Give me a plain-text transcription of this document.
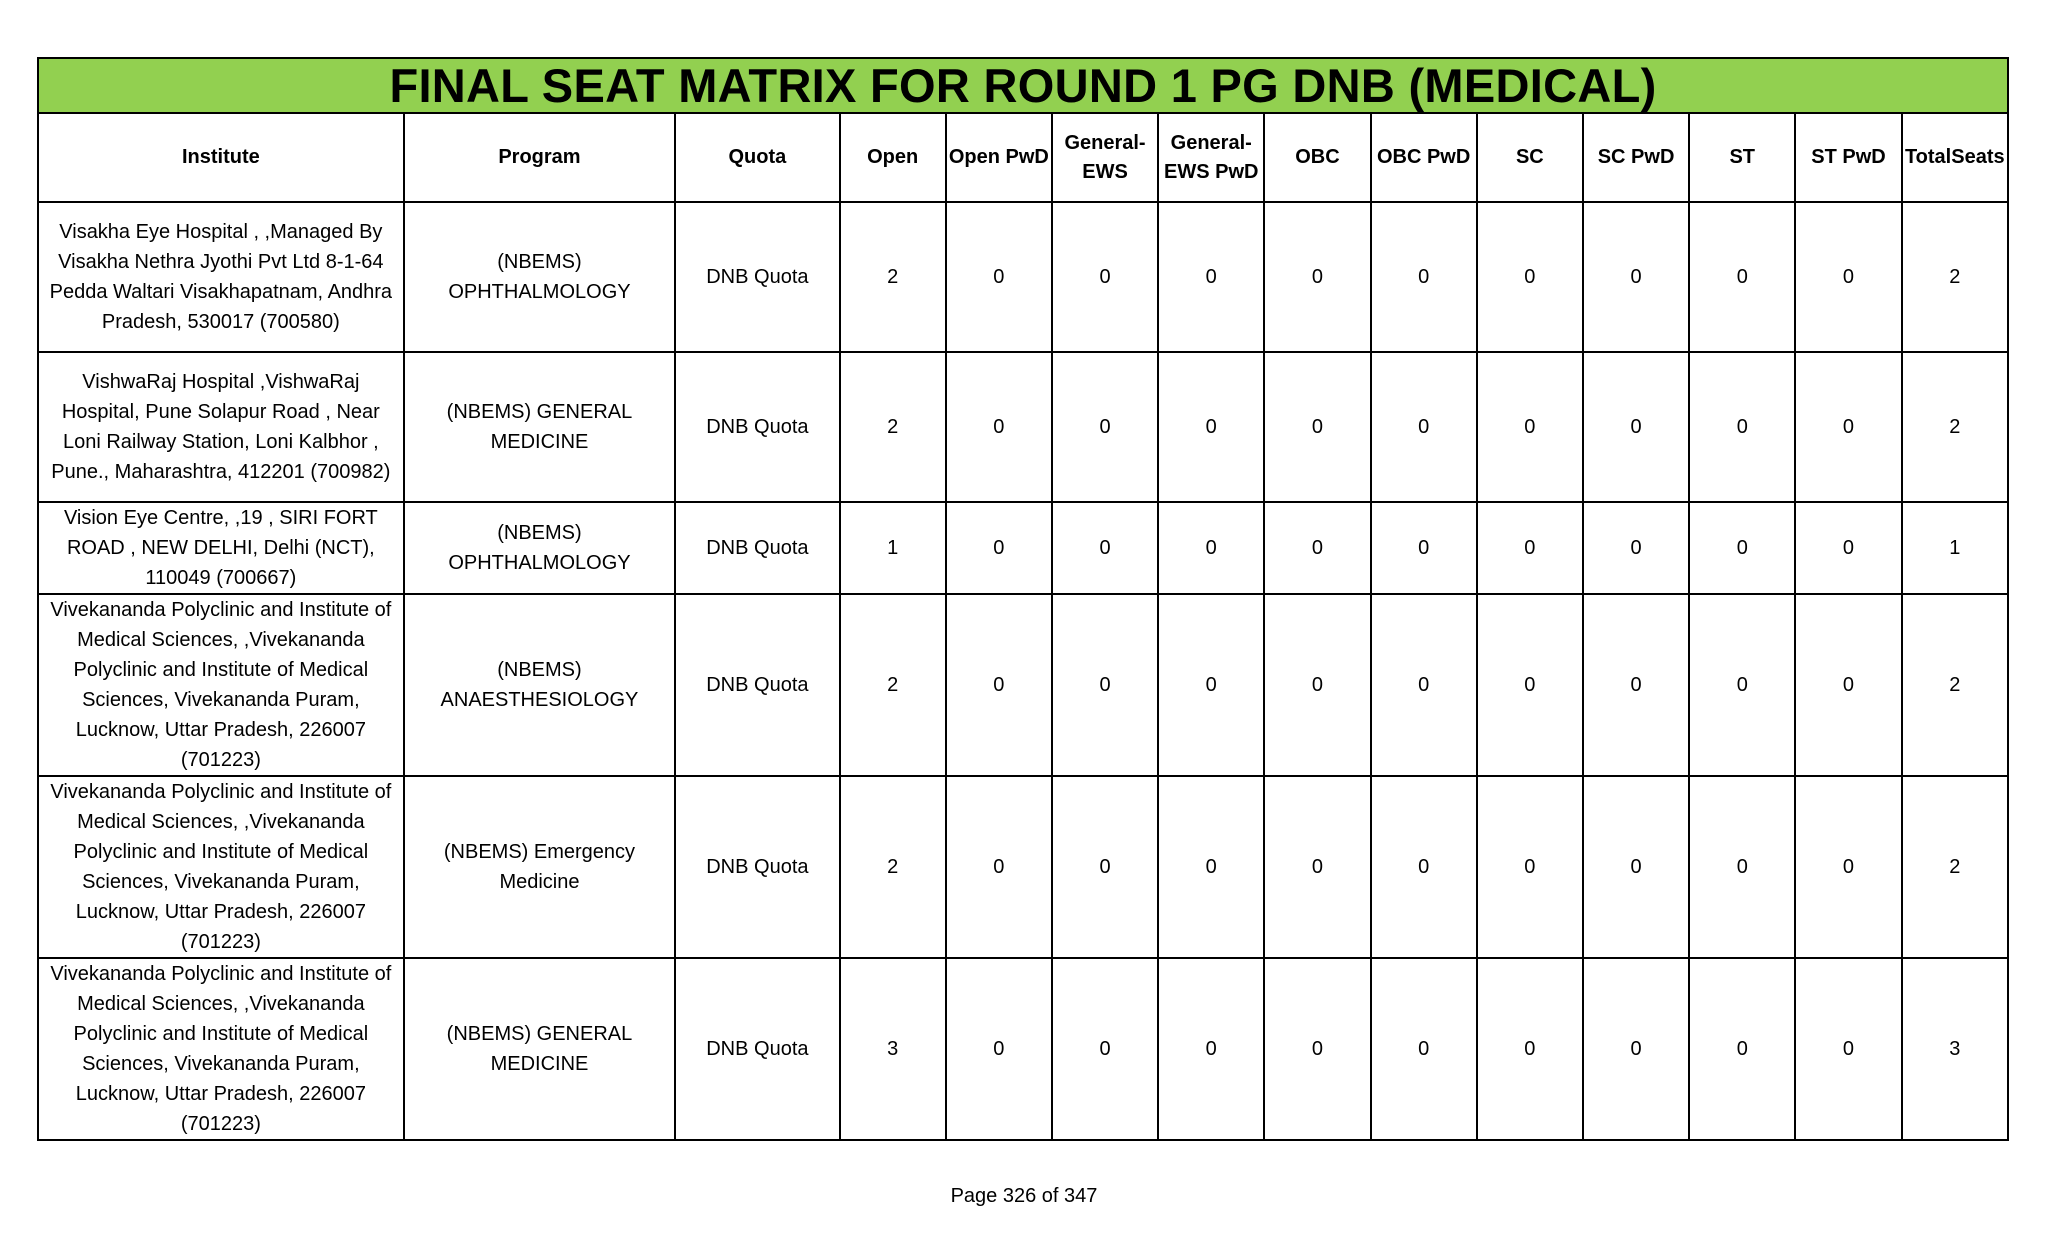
FINAL SEAT MATRIX FOR ROUND 1 PG DNB (MEDICAL)													
Institute	Program	Quota	Open	Open PwD	General-EWS	General-EWS PwD	OBC	OBC PwD	SC	SC PwD	ST	ST PwD	TotalSeats
Visakha Eye Hospital , ,Managed By Visakha Nethra Jyothi Pvt Ltd 8-1-64 Pedda Waltari Visakhapatnam, Andhra Pradesh, 530017 (700580)	(NBEMS) OPHTHALMOLOGY	DNB Quota	2	0	0	0	0	0	0	0	0	0	2
VishwaRaj Hospital ,VishwaRaj Hospital, Pune Solapur Road , Near Loni Railway Station, Loni Kalbhor , Pune., Maharashtra, 412201 (700982)	(NBEMS) GENERAL MEDICINE	DNB Quota	2	0	0	0	0	0	0	0	0	0	2
Vision Eye Centre, ,19 , SIRI FORT ROAD , NEW DELHI, Delhi (NCT), 110049 (700667)	(NBEMS) OPHTHALMOLOGY	DNB Quota	1	0	0	0	0	0	0	0	0	0	1
Vivekananda Polyclinic and Institute of Medical Sciences, ,Vivekananda Polyclinic and Institute of Medical Sciences, Vivekananda Puram, Lucknow, Uttar Pradesh, 226007 (701223)	(NBEMS) ANAESTHESIOLOGY	DNB Quota	2	0	0	0	0	0	0	0	0	0	2
Vivekananda Polyclinic and Institute of Medical Sciences, ,Vivekananda Polyclinic and Institute of Medical Sciences, Vivekananda Puram, Lucknow, Uttar Pradesh, 226007 (701223)	(NBEMS) Emergency Medicine	DNB Quota	2	0	0	0	0	0	0	0	0	0	2
Vivekananda Polyclinic and Institute of Medical Sciences, ,Vivekananda Polyclinic and Institute of Medical Sciences, Vivekananda Puram, Lucknow, Uttar Pradesh, 226007 (701223)	(NBEMS) GENERAL MEDICINE	DNB Quota	3	0	0	0	0	0	0	0	0	0	3
Page 326 of 347
